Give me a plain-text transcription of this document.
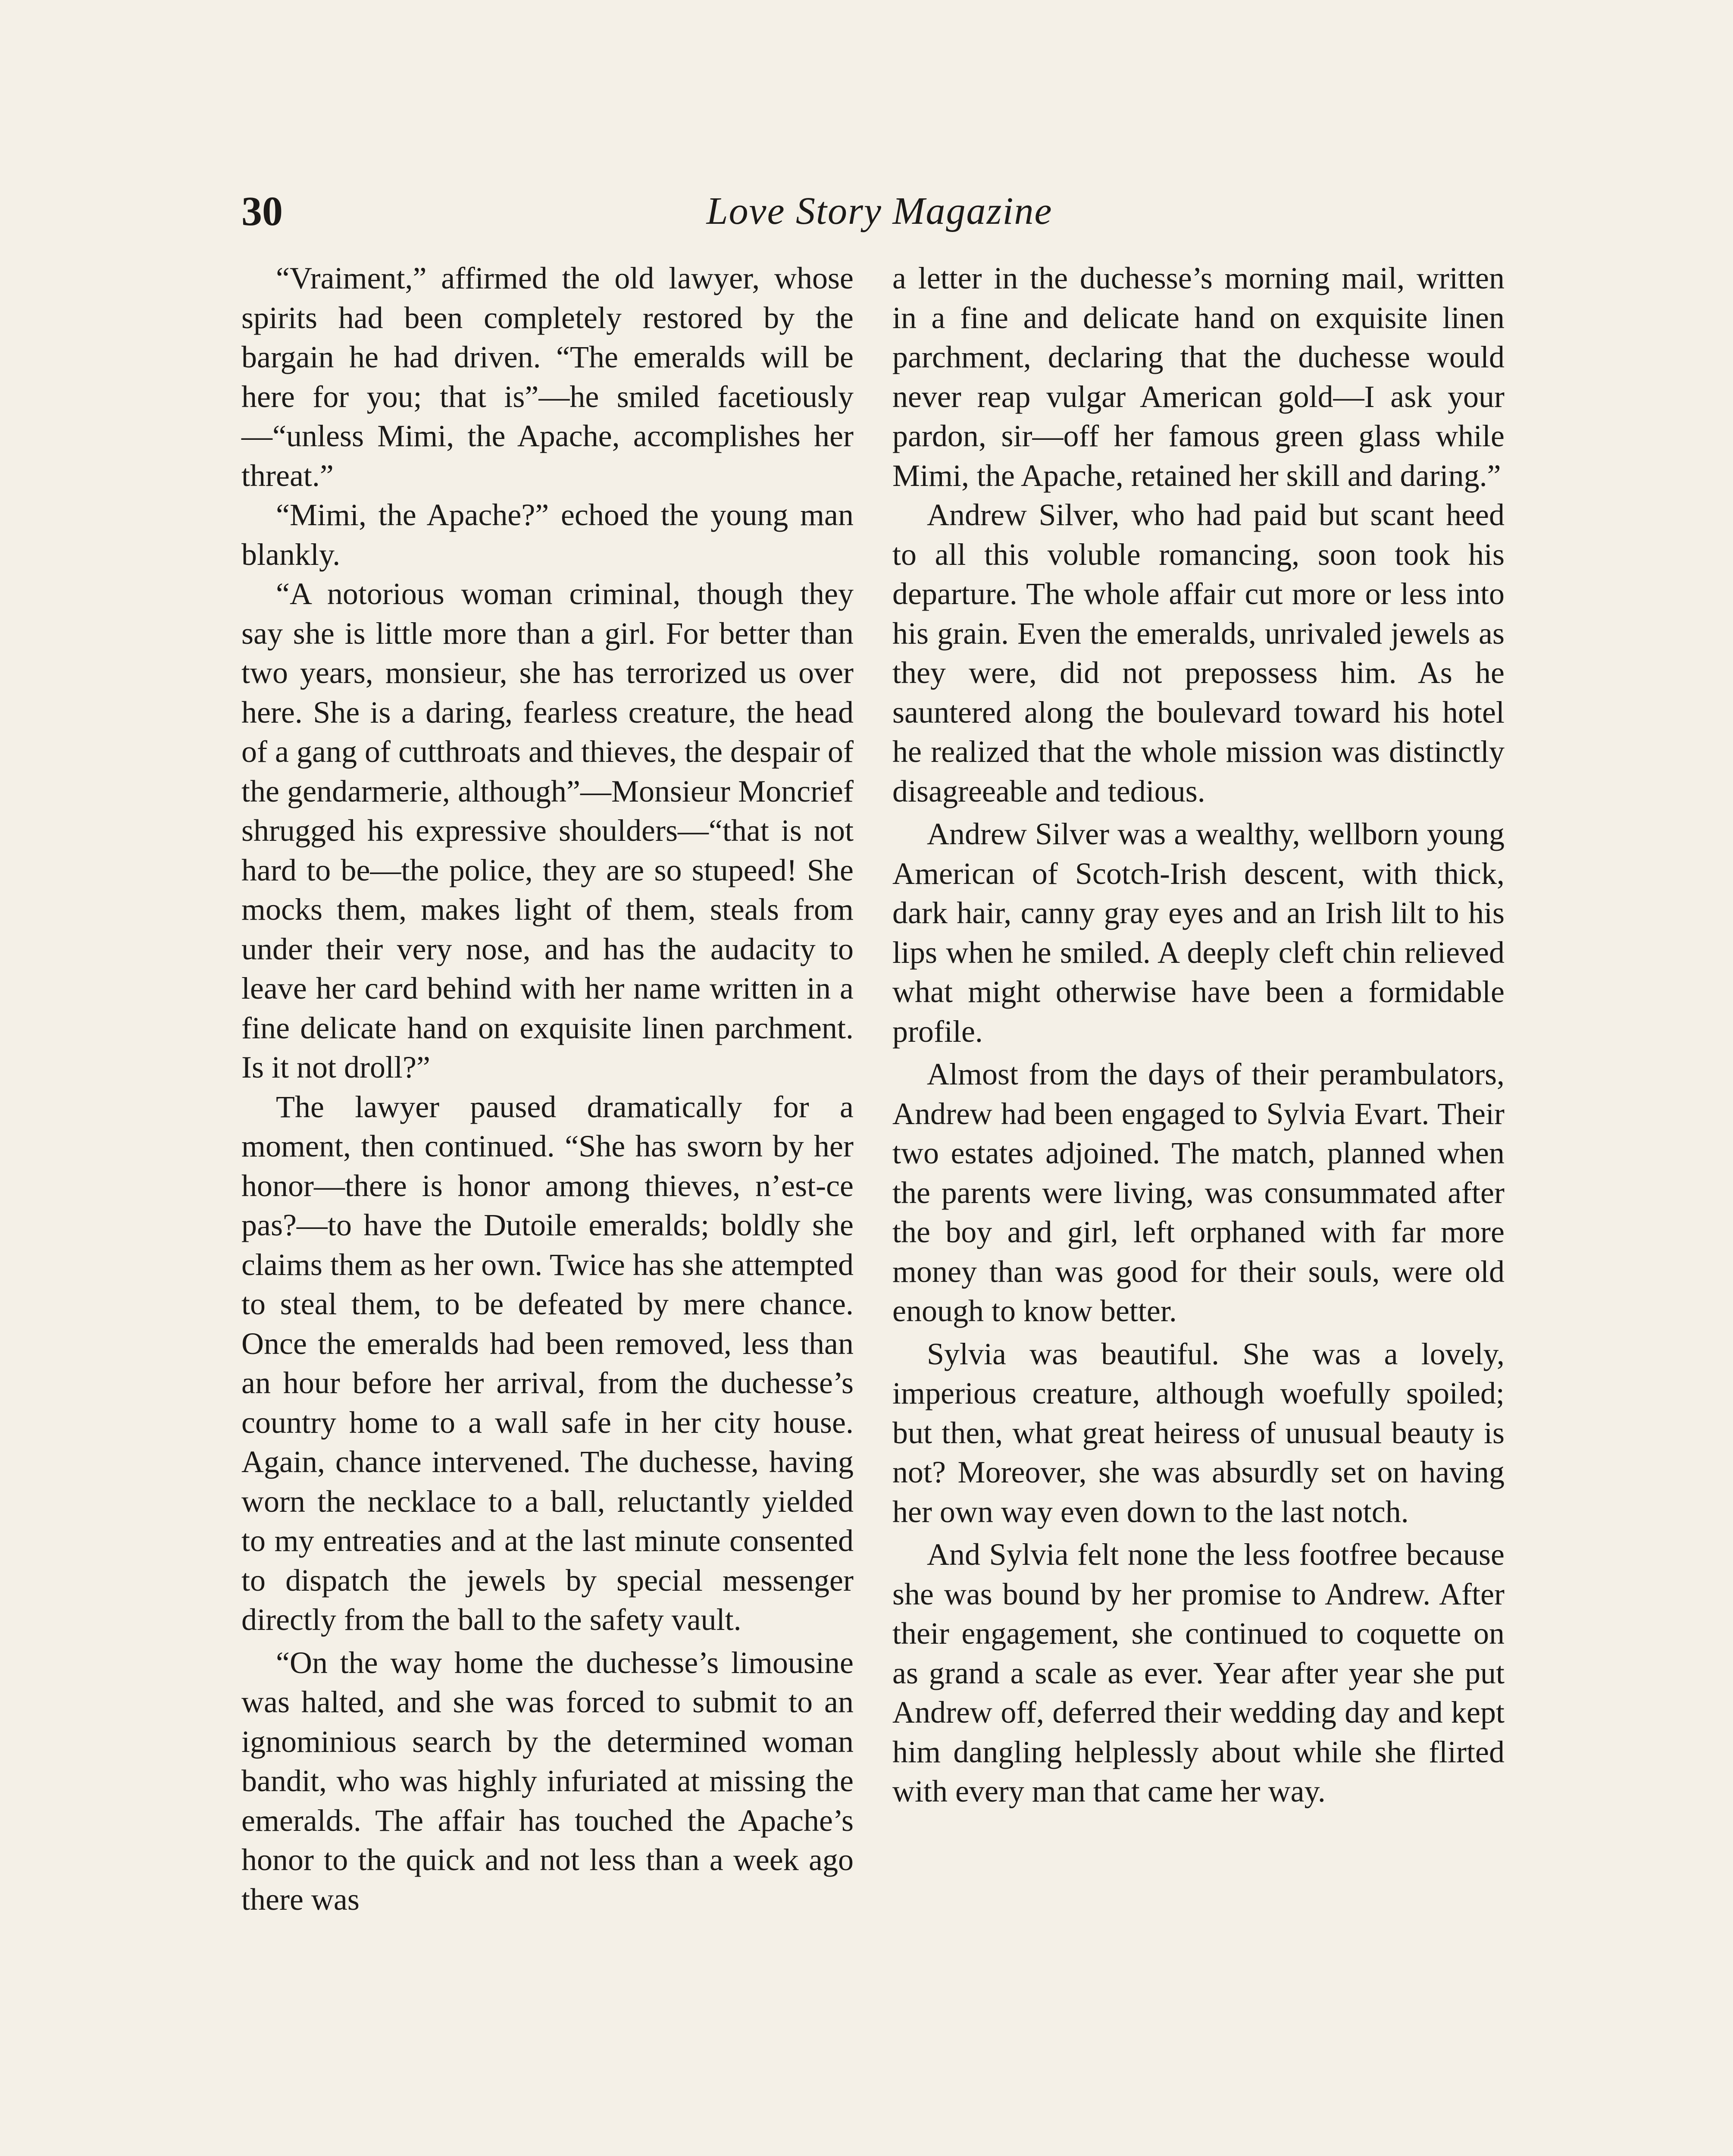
30	Love Story Magazine

“Vraiment,” affirmed the old lawyer, whose spirits had been completely restored by the bargain he had driven. “The emeralds will be here for you; that is”—he smiled facetiously—“unless Mimi, the Apache, accomplishes her threat.”

“Mimi, the Apache?” echoed the young man blankly.

“A notorious woman criminal, though they say she is little more than a girl. For better than two years, monsieur, she has terrorized us over here. She is a daring, fearless creature, the head of a gang of cutthroats and thieves, the despair of the gendarmerie, although”—Monsieur Moncrief shrugged his expressive shoulders—“that is not hard to be—the police, they are so stupeed! She mocks them, makes light of them, steals from under their very nose, and has the audacity to leave her card behind with her name written in a fine delicate hand on exquisite linen parchment. Is it not droll?”

The lawyer paused dramatically for a moment, then continued. “She has sworn by her honor—there is honor among thieves, n’est-ce pas?—to have the Dutoile emeralds; boldly she claims them as her own. Twice has she attempted to steal them, to be defeated by mere chance. Once the emeralds had been removed, less than an hour before her arrival, from the duchesse’s country home to a wall safe in her city house. Again, chance intervened. The duchesse, having worn the necklace to a ball, reluctantly yielded to my entreaties and at the last minute consented to dispatch the jewels by special messenger directly from the ball to the safety vault.

“On the way home the duchesse’s limousine was halted, and she was forced to submit to an ignominious search by the determined woman bandit, who was highly infuriated at missing the emeralds. The affair has touched the Apache’s honor to the quick and not less than a week ago there was

a letter in the duchesse’s morning mail, written in a fine and delicate hand on exquisite linen parchment, declaring that the duchesse would never reap vulgar American gold—I ask your pardon, sir—off her famous green glass while Mimi, the Apache, retained her skill and daring.”

Andrew Silver, who had paid but scant heed to all this voluble romancing, soon took his departure. The whole affair cut more or less into his grain. Even the emeralds, unrivaled jewels as they were, did not prepossess him. As he sauntered along the boulevard toward his hotel he realized that the whole mission was distinctly disagreeable and tedious.

Andrew Silver was a wealthy, wellborn young American of Scotch-Irish descent, with thick, dark hair, canny gray eyes and an Irish lilt to his lips when he smiled. A deeply cleft chin relieved what might otherwise have been a formidable profile.

Almost from the days of their perambulators, Andrew had been engaged to Sylvia Evart. Their two estates adjoined. The match, planned when the parents were living, was consummated after the boy and girl, left orphaned with far more money than was good for their souls, were old enough to know better.

Sylvia was beautiful. She was a lovely, imperious creature, although woefully spoiled; but then, what great heiress of unusual beauty is not? Moreover, she was absurdly set on having her own way even down to the last notch.

And Sylvia felt none the less footfree because she was bound by her promise to Andrew. After their engagement, she continued to coquette on as grand a scale as ever. Year after year she put Andrew off, deferred their wedding day and kept him dangling helplessly about while she flirted with every man that came her way.
